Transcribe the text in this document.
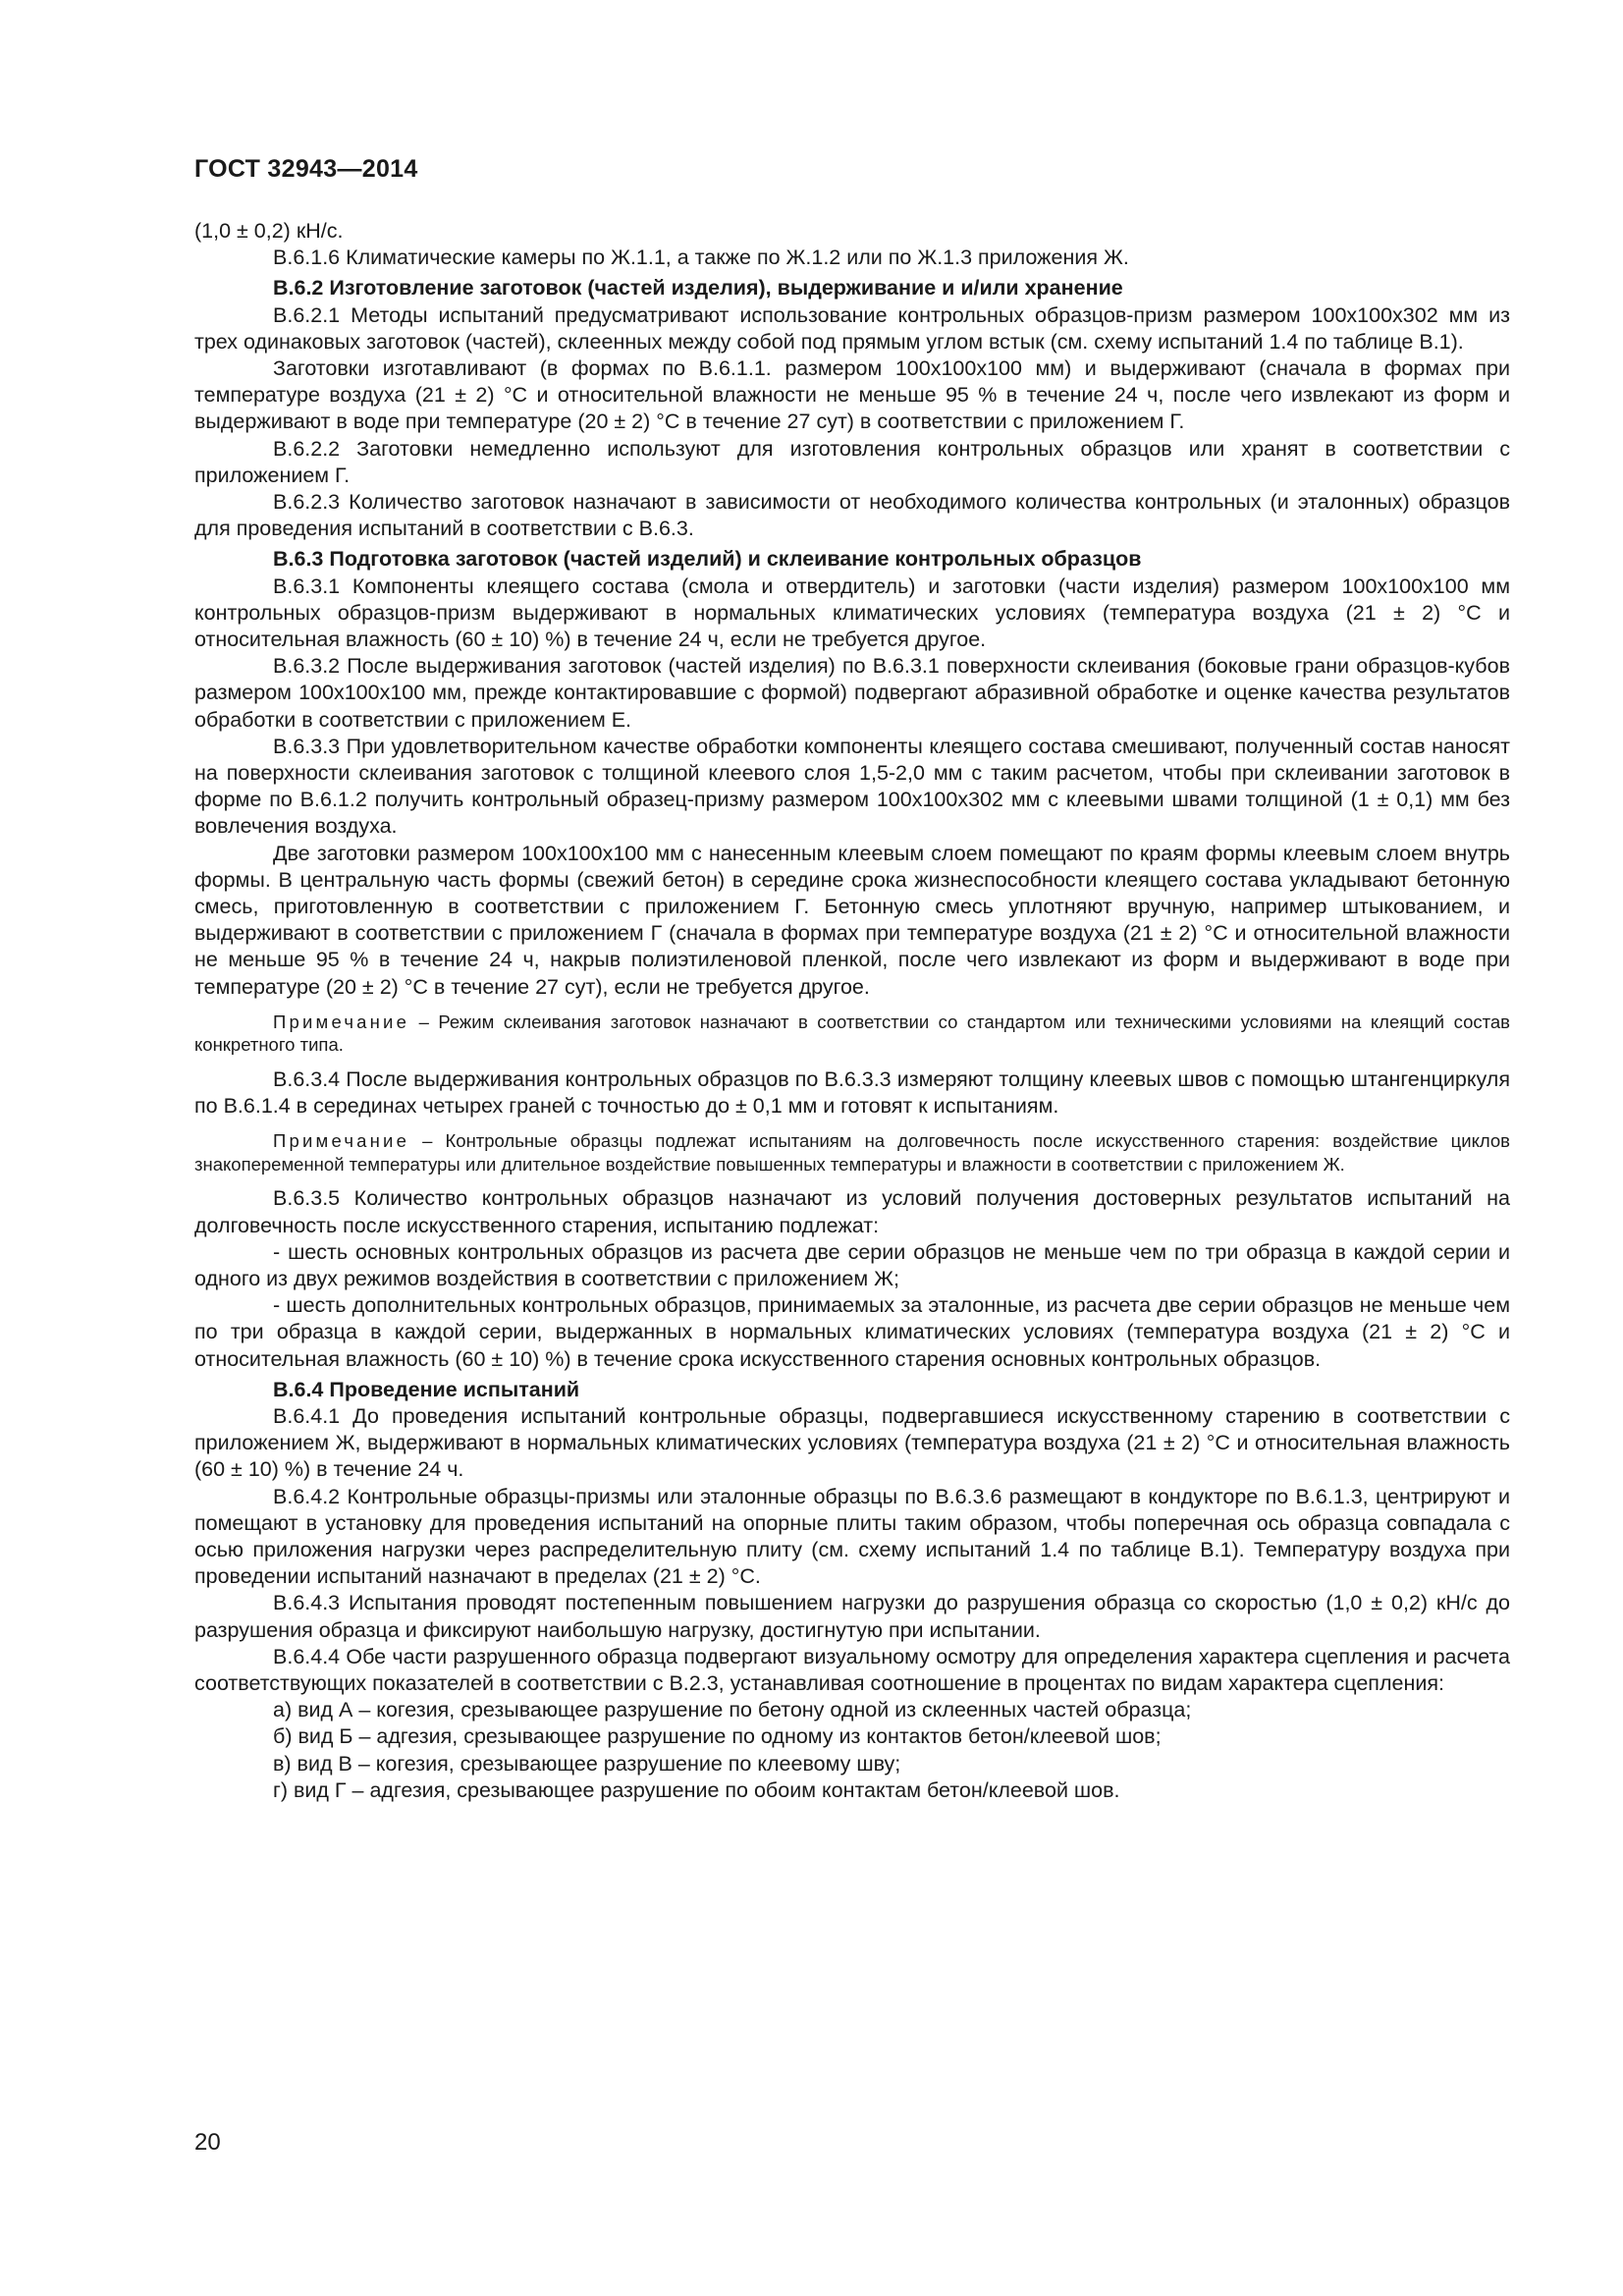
ГОСТ 32943—2014

(1,0 ± 0,2) кН/с.

В.6.1.6 Климатические камеры по Ж.1.1, а также по Ж.1.2 или по Ж.1.3 приложения Ж.

В.6.2 Изготовление заготовок (частей изделия), выдерживание и и/или хранение

В.6.2.1 Методы испытаний предусматривают использование контрольных образцов-призм размером 100x100x302 мм из трех одинаковых заготовок (частей), склеенных между собой под прямым углом встык (см. схему испытаний 1.4 по таблице В.1).

Заготовки изготавливают (в формах по В.6.1.1. размером 100x100x100 мм) и выдерживают (сначала в формах при температуре воздуха (21 ± 2) °С и относительной влажности не меньше 95 % в течение 24 ч, после чего извлекают из форм и выдерживают в воде при температуре (20 ± 2) °С в течение 27 сут) в соответствии с приложением Г.

В.6.2.2 Заготовки немедленно используют для изготовления контрольных образцов или хранят в соответствии с приложением Г.

В.6.2.3 Количество заготовок назначают в зависимости от необходимого количества контрольных (и эталонных) образцов для проведения испытаний в соответствии с В.6.3.

В.6.3 Подготовка заготовок (частей изделий) и склеивание контрольных образцов

В.6.3.1 Компоненты клеящего состава (смола и отвердитель) и заготовки (части изделия) размером 100x100x100 мм контрольных образцов-призм выдерживают в нормальных климатических условиях (температура воздуха (21 ± 2) °С и относительная влажность (60 ± 10) %) в течение 24 ч, если не требуется другое.

В.6.3.2 После выдерживания заготовок (частей изделия) по В.6.3.1 поверхности склеивания (боковые грани образцов-кубов размером 100x100x100 мм, прежде контактировавшие с формой) подвергают абразивной обработке и оценке качества результатов обработки в соответствии с приложением Е.

В.6.3.3 При удовлетворительном качестве обработки компоненты клеящего состава смешивают, полученный состав наносят на поверхности склеивания заготовок с толщиной клеевого слоя 1,5-2,0 мм с таким расчетом, чтобы при склеивании заготовок в форме по В.6.1.2 получить контрольный образец-призму размером 100x100x302 мм с клеевыми швами толщиной (1 ± 0,1) мм без вовлечения воздуха.

Две заготовки размером 100x100x100 мм с нанесенным клеевым слоем помещают по краям формы клеевым слоем внутрь формы. В центральную часть формы (свежий бетон) в середине срока жизнеспособности клеящего состава укладывают бетонную смесь, приготовленную в соответствии с приложением Г. Бетонную смесь уплотняют вручную, например штыкованием, и выдерживают в соответствии с приложением Г (сначала в формах при температуре воздуха (21 ± 2) °С и относительной влажности не меньше 95 % в течение 24 ч, накрыв полиэтиленовой пленкой, после чего извлекают из форм и выдерживают в воде при температуре (20 ± 2) °С в течение 27 сут), если не требуется другое.

Примечание – Режим склеивания заготовок назначают в соответствии со стандартом или техническими условиями на клеящий состав конкретного типа.

В.6.3.4 После выдерживания контрольных образцов по В.6.3.3 измеряют толщину клеевых швов с помощью штангенциркуля по В.6.1.4 в серединах четырех граней с точностью до ± 0,1 мм и готовят к испытаниям.

Примечание – Контрольные образцы подлежат испытаниям на долговечность после искусственного старения: воздействие циклов знакопеременной температуры или длительное воздействие повышенных температуры и влажности в соответствии с приложением Ж.

В.6.3.5 Количество контрольных образцов назначают из условий получения достоверных результатов испытаний на долговечность после искусственного старения, испытанию подлежат:

- шесть основных контрольных образцов из расчета две серии образцов не меньше чем по три образца в каждой серии и одного из двух режимов воздействия в соответствии с приложением Ж;

- шесть дополнительных контрольных образцов, принимаемых за эталонные, из расчета две серии образцов не меньше чем по три образца в каждой серии, выдержанных в нормальных климатических условиях (температура воздуха (21 ± 2) °С и относительная влажность (60 ± 10) %) в течение срока искусственного старения основных контрольных образцов.

В.6.4 Проведение испытаний

В.6.4.1 До проведения испытаний контрольные образцы, подвергавшиеся искусственному старению в соответствии с приложением Ж, выдерживают в нормальных климатических условиях (температура воздуха (21 ± 2) °С и относительная влажность (60 ± 10) %) в течение 24 ч.

В.6.4.2 Контрольные образцы-призмы или эталонные образцы по В.6.3.6 размещают в кондукторе по В.6.1.3, центрируют и помещают в установку для проведения испытаний на опорные плиты таким образом, чтобы поперечная ось образца совпадала с осью приложения нагрузки через распределительную плиту (см. схему испытаний 1.4 по таблице В.1). Температуру воздуха при проведении испытаний назначают в пределах (21 ± 2) °С.

В.6.4.3 Испытания проводят постепенным повышением нагрузки до разрушения образца со скоростью (1,0 ± 0,2) кН/с до разрушения образца и фиксируют наибольшую нагрузку, достигнутую при испытании.

В.6.4.4 Обе части разрушенного образца подвергают визуальному осмотру для определения характера сцепления и расчета соответствующих показателей в соответствии с В.2.3, устанавливая соотношение в процентах по видам характера сцепления:

а) вид А – когезия, срезывающее разрушение по бетону одной из склеенных частей образца;

б) вид Б – адгезия, срезывающее разрушение по одному из контактов бетон/клеевой шов;

в) вид В – когезия, срезывающее разрушение по клеевому шву;

г) вид Г – адгезия, срезывающее разрушение по обоим контактам бетон/клеевой шов.

20
